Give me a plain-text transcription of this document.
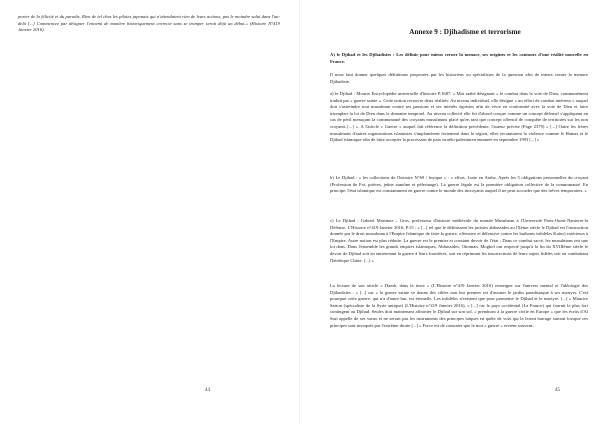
porter de la félicité et du paradis. Rien de tel chez les pilotes japonais qui n'attendaient rien de leurs actions, pas le moindre salut dans l'au-delà [...] Commencez par désigner l'ennemi de manière historiquement correcte sans se tromper serait déjà un début.» (Histoire N°419 Janvier 2016).

44
Annexe 9 : Djihadisme et terrorisme

A) le Djihad et les Djihadistes : Les définir pour mieux cerner la menace, ses origines et les contours d'une réalité nouvelle en France.

Il nous faut donner quelques définitions proposées par les historiens ou spécialistes de la question afin de mieux cerner la menace Djihadiste.

a) le Djihad : Mourre Encyclopédie universelle d'histoire P.1687. « Mot arabe désignant « le combat dans la voie de Dieu, communément traduit par « guerre sainte ». Cette notion recouvre deux réalités: Au niveau individuel, elle désigne « un effort de combat intérieur » auquel doit s'astreindre tout musulman contre ses passions et ses intérêts égoïstes afin de vivre en conformité avec la voie de Dieu et faire triompher la loi de Dieu dans le domaine temporel. Au niveau collectif elle fut d'abord conçue comme un concept défensif s'appliquant en cas de péril menaçant la communauté des croyants musulmans placé qu'en tant que concept offensif de conquête de territoires sur les non croyants [...] ». A l'article « Guerre » auquel fait référence la définition précédente, l'auteur précise (Page 2379) « [...] Outre les frères musulmans d'autres organisations islamistes s'implantèrent fortement dans la région, elles reconnurent la violence comme le Hamas et le Djihad islamique afin de faire accepter la procession de paix israélo-palestinien entamée en septembre 1993 [...] »

b) Le Djihad : « les collections de l'histoire N°69 / lexique » : « effort, Lutte en Arabe. Après les 5 obligations personnelles du croyant (Profession de Foi, prières, jeûne aumône et pèlerinage). La guerre légale est la première obligation collective de la communauté. En principe, l'état islamique est constamment en guerre contre le monde des incroyants auquel il ne peut accorder que des trêves temporaires. »

c) Le Djihad : Gabriel Martinez – Gros, professeur d'histoire médiévale du monde Musulman à l'Université Paris-Ouest-Nanterre-la Défense, L'Histoire n°419 Janvier 2016, P.15 : « [...] tel que le définissent les juristes abbassides au IXème siècle le Djihad est l'instruction donnée par le droit musulman à l'Empire Islamique de faire la guerre, offensive et défensive contre les barbares infidèles Kafur) extérieurs à l'Empire. Autre notion est plus réduite. La guerre est le premier et constant devoir de l'état ; Dans ce combat sacré, les musulmans ont une loi dans. Dans l'ensemble les grands empires islamiques, Abbassides, Ottoman, Moghol ont respecté jusqu'à la fin du XVIIIème siècle le devoir de Djihad soit en entretenant la guerre à leurs frontières, soit en réprimant les insurrections de leurs sujets fidèles soit en combattant l'hérétique Chiite. [...] »

La lecture de son article « Daesh, dans la texte » (L'Histoire n°419 Janvier 2016) renseigne sur l'univers mental et l'idéologie des Djihadistes : « [...] car « la guerre sainte se donne des cibles non but premier est d'assurer le jardin paradisiaque à ses martyrs. C'est pourquoi cette guerre, qui n'a d'autre but, est éternelle. Les infidèles n'existent que pour permettre le Djihad et le martyre. [...] » Maurice Sarton (spécialiste de la Syrie antique) (L'Histoire n°419 Janvier 2016), « [...] car le pays occidental (La France) qui fournit le plus fort contingent au Djihad. Seules doit maintenant affronter le Djihad sur son sol, « prendront à la guerre civile en Europe » que les écrits d'Al Suri appelle de ses vœux et ne seront pas les instruments des principes laïques en quête de voix qui la feront barrage surtout lorsque ces principes sont invoqués par l'extrême droite [...] » Force est de constater que le mot « guerre » revient souvent...

45
